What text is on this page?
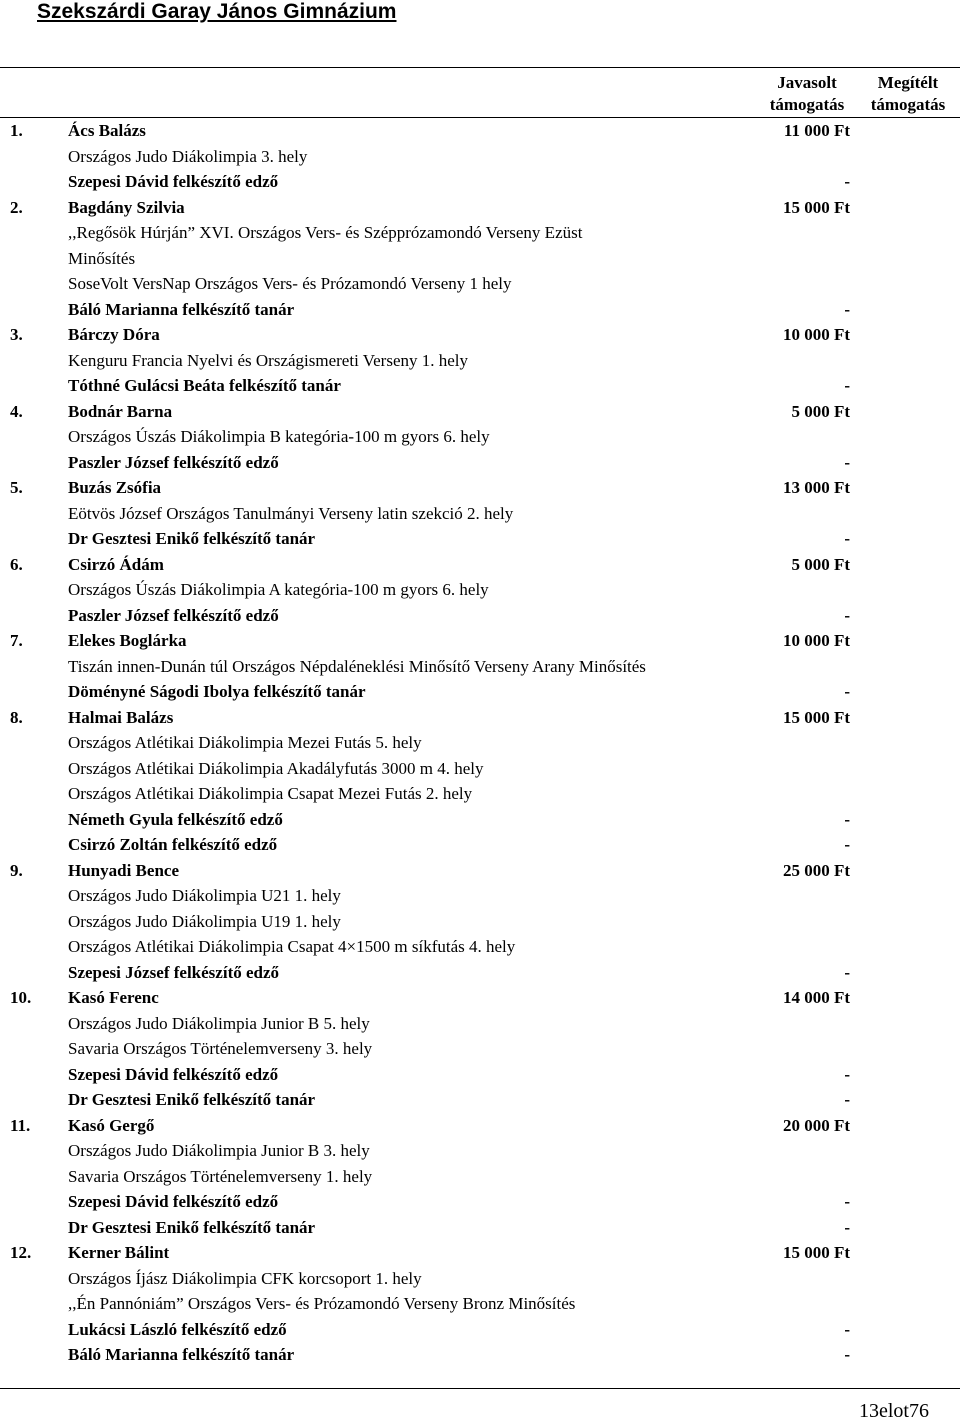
Szekszárdi Garay János Gimnázium
Javasolt
támogatás
Megítélt
támogatás
1.	Ács Balázs	11 000 Ft
Országos Judo Diákolimpia 3. hely
Szepesi Dávid felkészítő edző	-
2.	Bagdány Szilvia	15 000 Ft
,,Regősök Húrján” XVI. Országos Vers- és Szépprózamondó Verseny Ezüst
Minősítés
SoseVolt VersNap Országos Vers- és Prózamondó Verseny 1 hely
Báló Marianna felkészítő tanár	-
3.	Bárczy Dóra	10 000 Ft
Kenguru Francia Nyelvi és Országismereti Verseny 1. hely
Tóthné Gulácsi Beáta felkészítő tanár	-
4.	Bodnár Barna	5 000 Ft
Országos Úszás Diákolimpia B kategória-100 m gyors 6. hely
Paszler József felkészítő edző	-
5.	Buzás Zsófia	13 000 Ft
Eötvös József Országos Tanulmányi Verseny latin szekció 2. hely
Dr Gesztesi Enikő felkészítő tanár	-
6.	Csirzó Ádám	5 000 Ft
Országos Úszás Diákolimpia A kategória-100 m gyors 6. hely
Paszler József felkészítő edző	-
7.	Elekes Boglárka	10 000 Ft
Tiszán innen-Dunán túl Országos Népdaléneklési Minősítő Verseny Arany Minősítés
Döményné Ságodi Ibolya felkészítő tanár	-
8.	Halmai Balázs	15 000 Ft
Országos Atlétikai Diákolimpia Mezei Futás 5. hely
Országos Atlétikai Diákolimpia Akadályfutás 3000 m 4. hely
Országos Atlétikai Diákolimpia Csapat Mezei Futás 2. hely
Németh Gyula felkészítő edző	-
Csirzó Zoltán felkészítő edző	-
9.	Hunyadi Bence	25 000 Ft
Országos Judo Diákolimpia U21 1. hely
Országos Judo Diákolimpia U19 1. hely
Országos Atlétikai Diákolimpia Csapat 4×1500 m síkfutás 4. hely
Szepesi József felkészítő edző	-
10.	Kasó Ferenc	14 000 Ft
Országos Judo Diákolimpia Junior B 5. hely
Savaria Országos Történelemverseny 3. hely
Szepesi Dávid felkészítő edző	-
Dr Gesztesi Enikő felkészítő tanár	-
11.	Kasó Gergő	20 000 Ft
Országos Judo Diákolimpia Junior B 3. hely
Savaria Országos Történelemverseny 1. hely
Szepesi Dávid felkészítő edző	-
Dr Gesztesi Enikő felkészítő tanár	-
12.	Kerner Bálint	15 000 Ft
Országos Íjász Diákolimpia CFK korcsoport 1. hely
,,Én Pannóniám” Országos Vers- és Prózamondó Verseny Bronz Minősítés
Lukácsi László felkészítő edző	-
Báló Marianna felkészítő tanár	-
13elot76
